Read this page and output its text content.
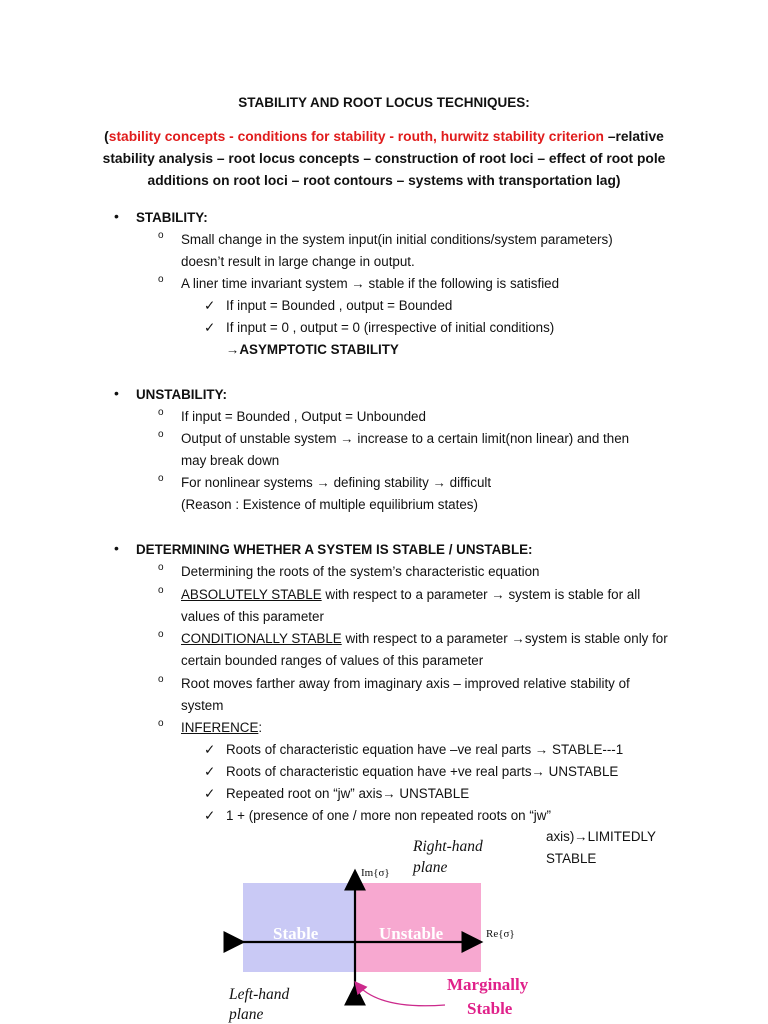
STABILITY AND ROOT LOCUS TECHNIQUES:
(stability concepts - conditions for stability - routh, hurwitz stability criterion –relative
stability analysis – root locus concepts – construction of root loci – effect of root pole
additions on root loci – root contours – systems with transportation lag)
• STABILITY:
o Small change in the system input(in initial conditions/system parameters)
doesn’t result in large change in output.
o A liner time invariant system → stable if the following is satisfied
✓ If input = Bounded , output = Bounded
✓ If input = 0 , output = 0 (irrespective of initial conditions)
→ASYMPTOTIC STABILITY
• UNSTABILITY:
o If input = Bounded , Output = Unbounded
o Output of unstable system → increase to a certain limit(non linear) and then
may break down
o For nonlinear systems → defining stability → difficult
(Reason : Existence of multiple equilibrium states)
• DETERMINING WHETHER A SYSTEM IS STABLE / UNSTABLE:
o Determining the roots of the system’s characteristic equation
o ABSOLUTELY STABLE with respect to a parameter → system is stable for all
values of this parameter
o CONDITIONALLY STABLE with respect to a parameter →system is stable only for
certain bounded ranges of values of this parameter
o Root moves farther away from imaginary axis – improved relative stability of
system
o INFERENCE:
✓ Roots of characteristic equation have –ve real parts → STABLE---1
✓ Roots of characteristic equation have +ve real parts→ UNSTABLE
✓ Repeated root on “jw” axis→ UNSTABLE
✓ 1 + (presence of one / more non repeated roots on “jw”
axis)→LIMITEDLY
STABLE
Right-hand
plane
Im{σ}
Re{σ}
Stable	Unstable
Left-hand
plane
Marginally
Stable
